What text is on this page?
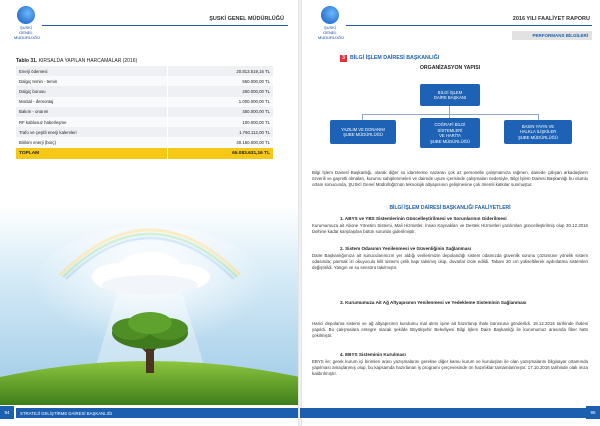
ŞUSKİ
GENEL MÜDÜRLÜĞÜ
ŞUSKİ GENEL MÜDÜRLÜĞÜ
Tablo 31. KIRSALDA YAPILAN HARCAMALAR (2016)
Enerji ödemesi	20.813.519,16 TL
Dalgıç temin - temin	550.000,00 TL
Dalgıç borusu	250.000,00 TL
Montal - demontaj	1.000.000,00 TL
Bakım - onarım	450.000,00 TL
RF kablosuz haberleşme	100.000,00 TL
Trafo ve çeşitli enerji kalemleri	1.760.112,00 TL
Birikim enerji (borç)	40.160.000,00 TL
TOPLAM	65.083.631,16 TL
94	STRATEJİ GELİŞTİRME DAİRESİ BAŞKANLIĞI
ŞUSKİ
GENEL MÜDÜRLÜĞÜ
2016 YILI FAALİYET RAPORU
PERFORMANS BİLGİLERİ
3 BİLGİ İŞLEM DAİRESİ BAŞKANLIĞI
ORGANİZASYON YAPISI
BİLGİ İŞLEM
DAİRE BAŞKANI
YAZILIM VE DONANIM
ŞUBE MÜDÜRLÜĞÜ
COĞRAFİ BİLGİ
SİSTEMLERİ
VE HARİTA
ŞUBE MÜDÜRLÜĞÜ
BASIN YAYIN VE
HALKLA İLİŞKİLER
ŞUBE MÜDÜRLÜĞÜ
Bilgi İşlem Dairesi Başkanlığı, olarak diğer su idarelerine nazaran çok az personelle çalışmamıza rağmen, dairede çalışan arkadaşların özverili ve gayretli olmaları, kurumu sahiplenmeleri ve dairede uyum içerisinde çalışmaları nedeniyle, Bilgi İşlem Dairesi Başkanlığı bu olumlu ortam sonucunda, ŞUSKİ Genel Müdürlüğü'nün teknolojik altyapısının gelişmesine çok önemli katkılar sunmuştur.
BİLGİ İŞLEM DAİRESİ BAŞKANLIĞI FAALİYETLERİ
1. ABYS ve YBS Sistemlerinin Güncelleştirilmesi ve Sorunlarının Giderilmesi
Kurumumuza ait Abone Yönetim Sistemi, Mali Hizmetler, İnsan Kaynakları ve Destek Hizmetleri yazılımları güncelleştirilmiş olup 30.12.2016 tarihine kadar karşılaşılan bütün sorunlar giderilmiştir.
2. Sistem Odasının Yenilenmesi ve Güvenliğinin Sağlanması
Daire Başkanlığımıza ait sunucularımızın yer aldığı verilerimizin depolandığı sistem odamızda güvenlik sorunu çözümüne yönelik sistem odasında; parmak izi okuyuculu kilit sistemi çelik kapı takılmış olup, duvarlar izole edildi. Tabanı 20 cm yükseltilerek aydınlatma sistemleri değiştirildi. Yangın ve su sensörü takılmıştır.
3. Kurumumuza Ait Ağ Altyapısının Yenilenmesi ve Yedekleme Sisteminin Sağlanması
Harici depolama sistemi ve ağ altyapısının kurulumu mal alımı işine ait hazırlanıp ihale bürosuna gönderildi. 19.12.2016 tarihinde ihalesi yapıldı. Bu çalışmalara entegre olacak şekilde Büyükşehir Belediyesi Bilgi İşlem Daire Başkanlığı ile kurumumuz arasında fiber hattı çekilmiştir.
4. EBYS Sisteminin Kurulması
EBYS ile; gerek kurum içi birimleri arası yazışmalarını gerekse diğer kamu kurum ve kuruluşları ile olan yazışmalarını bilgisayar ortamında yapılması amaçlanmış olup, bu kapsamda hazırlanan iş programı çerçevesinde ön hazırlıklar tamamlanmıştır. 17.10.2016 tarihinde olak imza kaldırılmıştır.
95
